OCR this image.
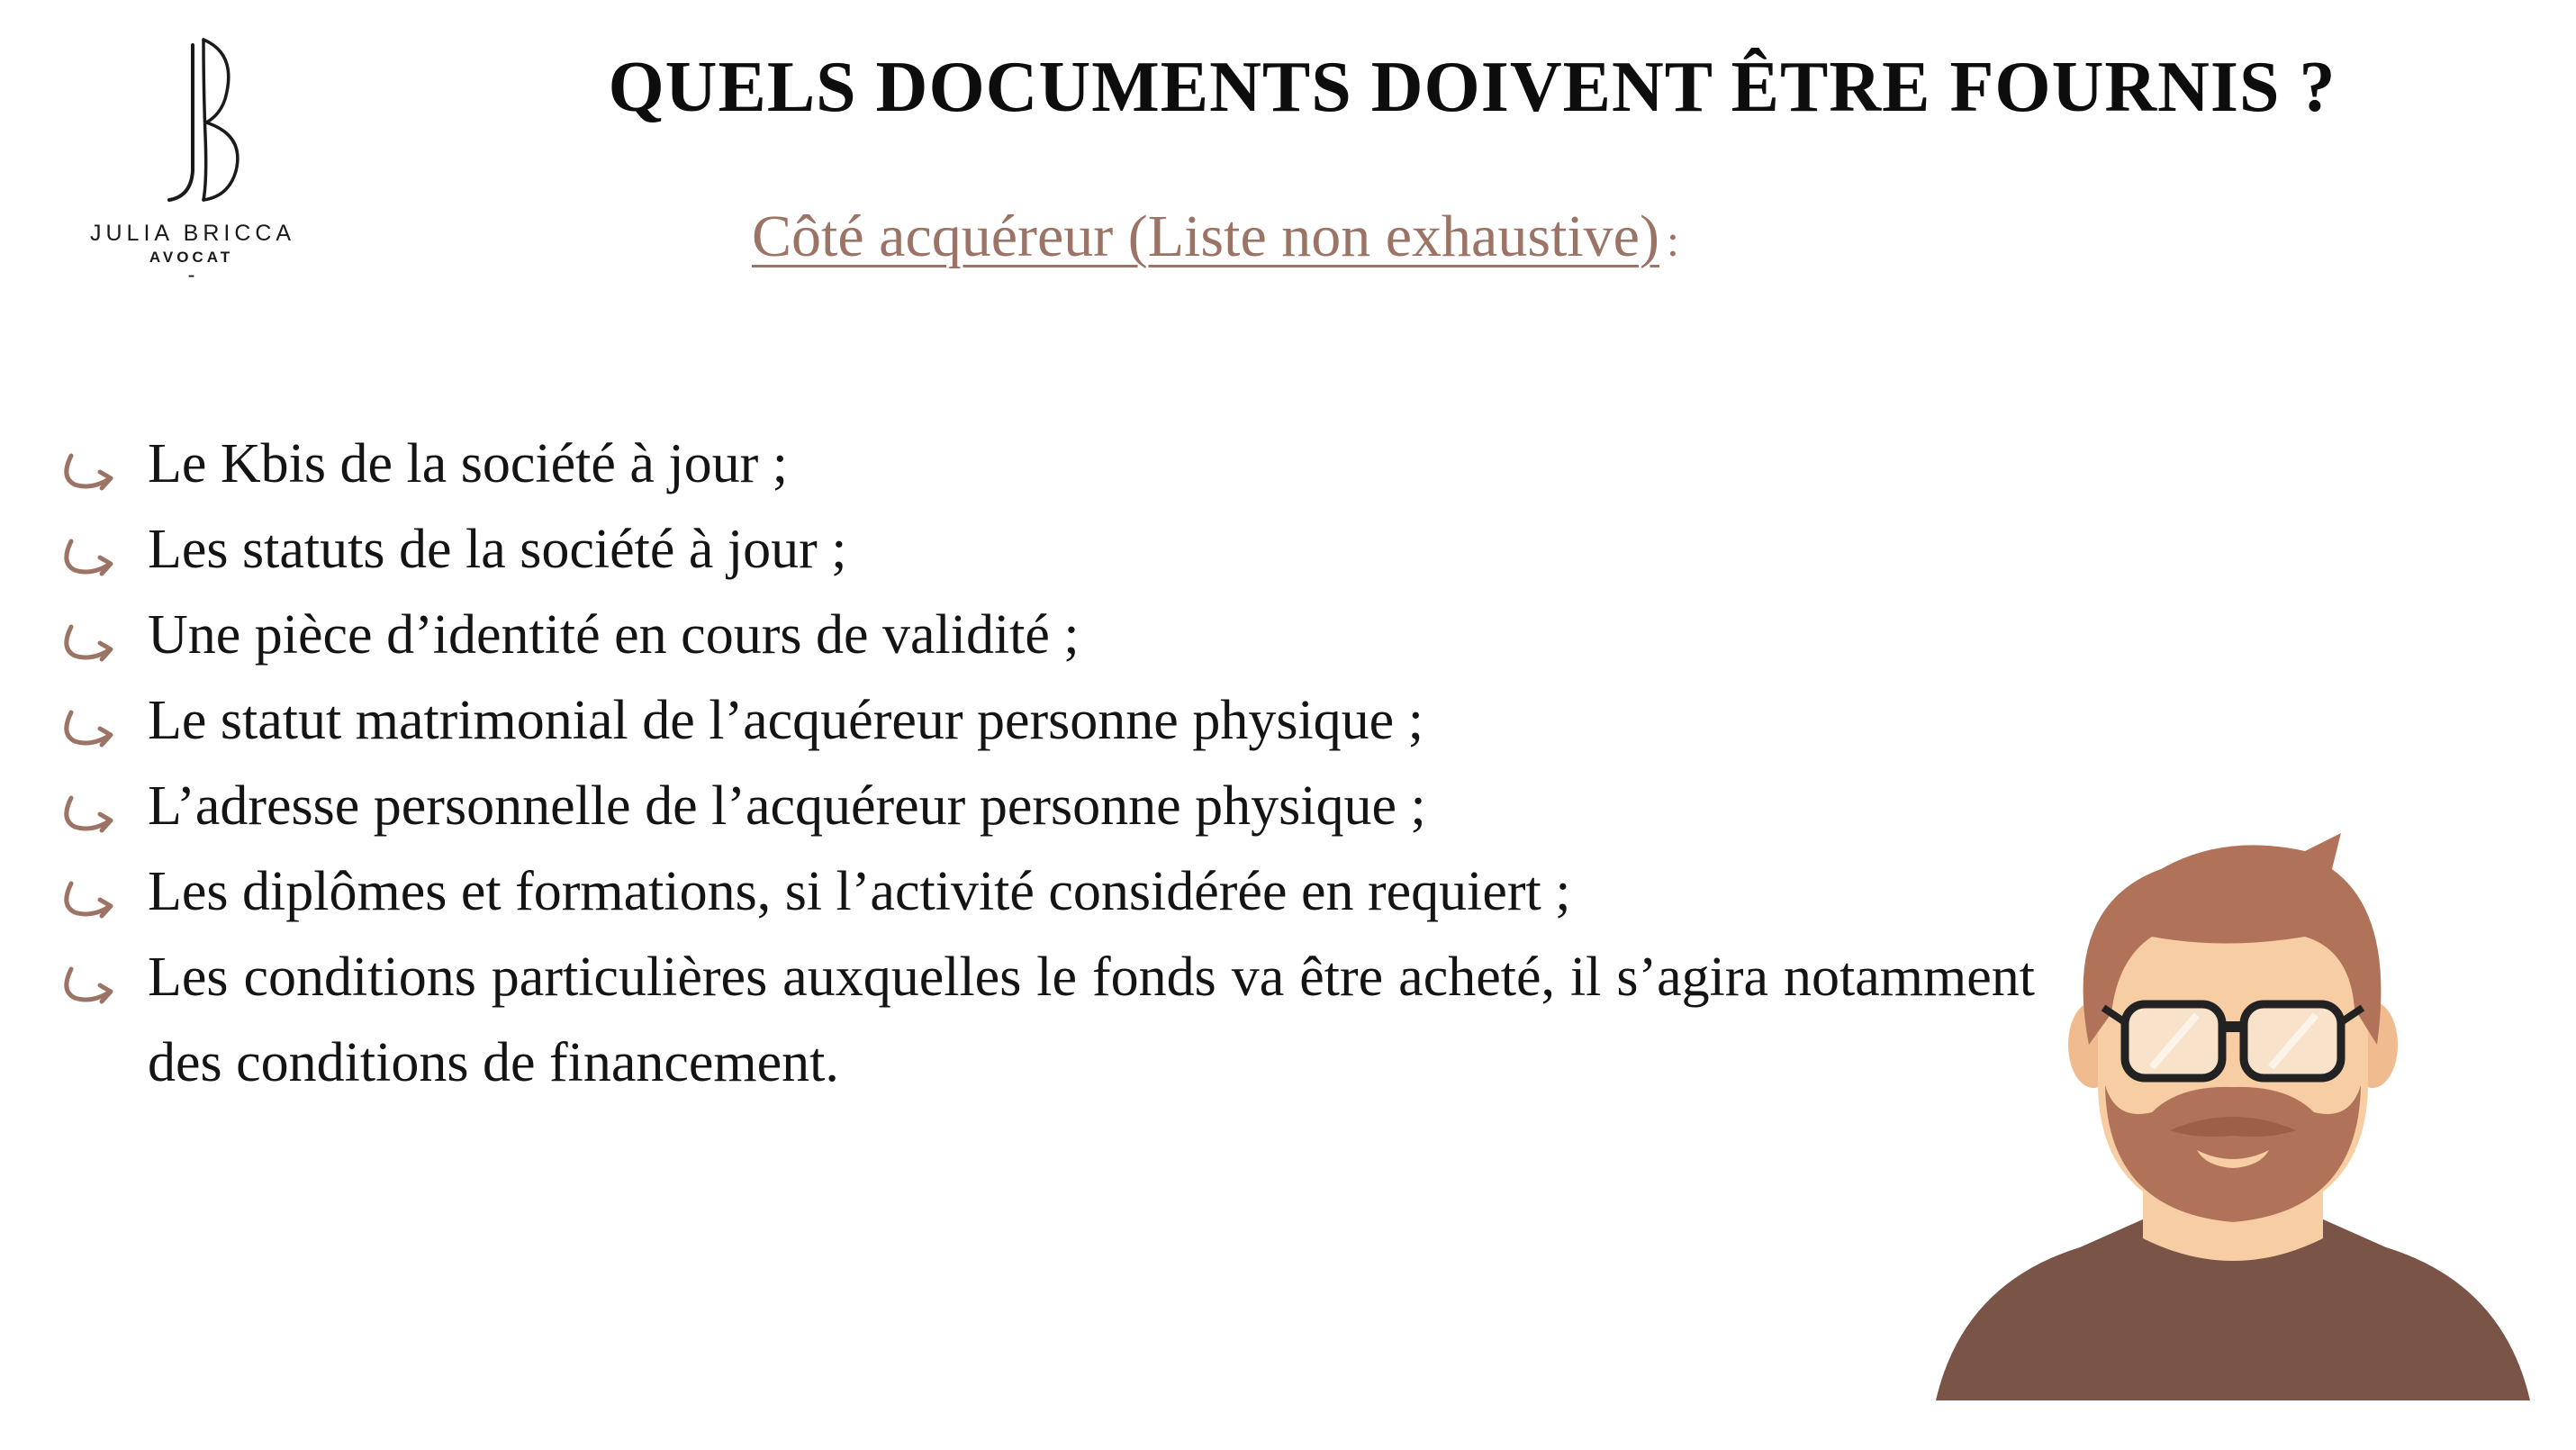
JULIA BRICCA
AVOCAT
-
QUELS DOCUMENTS DOIVENT ÊTRE FOURNIS ?
Côté acquéreur (Liste non exhaustive) :
Le Kbis de la société à jour ;
Les statuts de la société à jour ;
Une pièce d’identité en cours de validité ;
Le statut matrimonial de l’acquéreur personne physique ;
L’adresse personnelle de l’acquéreur personne physique ;
Les diplômes et formations, si l’activité considérée en requiert ;
Les conditions particulières auxquelles le fonds va être acheté, il s’agira notamment des conditions de financement.
